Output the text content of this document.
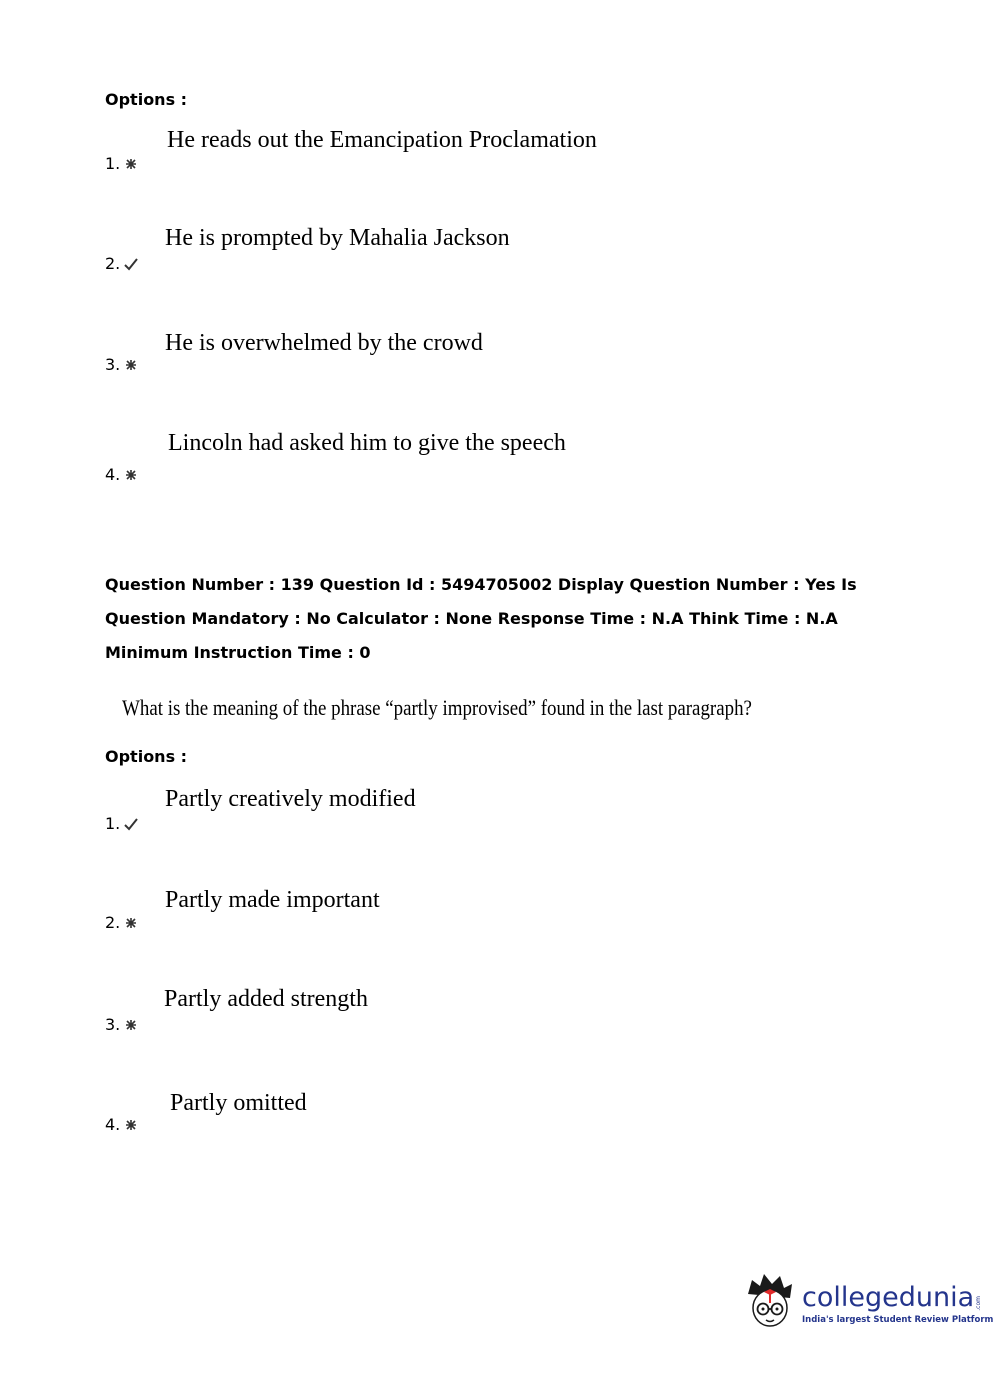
Options :
He reads out the Emancipation Proclamation
1.
He is prompted by Mahalia Jackson
2.
He is overwhelmed by the crowd
3.
Lincoln had asked him to give the speech
4.
Question Number : 139 Question Id : 5494705002 Display Question Number : Yes Is Question Mandatory : No Calculator : None Response Time : N.A Think Time : N.A Minimum Instruction Time : 0
What is the meaning of the phrase “partly improvised” found in the last paragraph?
Options :
Partly creatively modified
1.
Partly made important
2.
Partly added strength
3.
Partly omitted
4.
collegedunia .com
India's largest Student Review Platform
